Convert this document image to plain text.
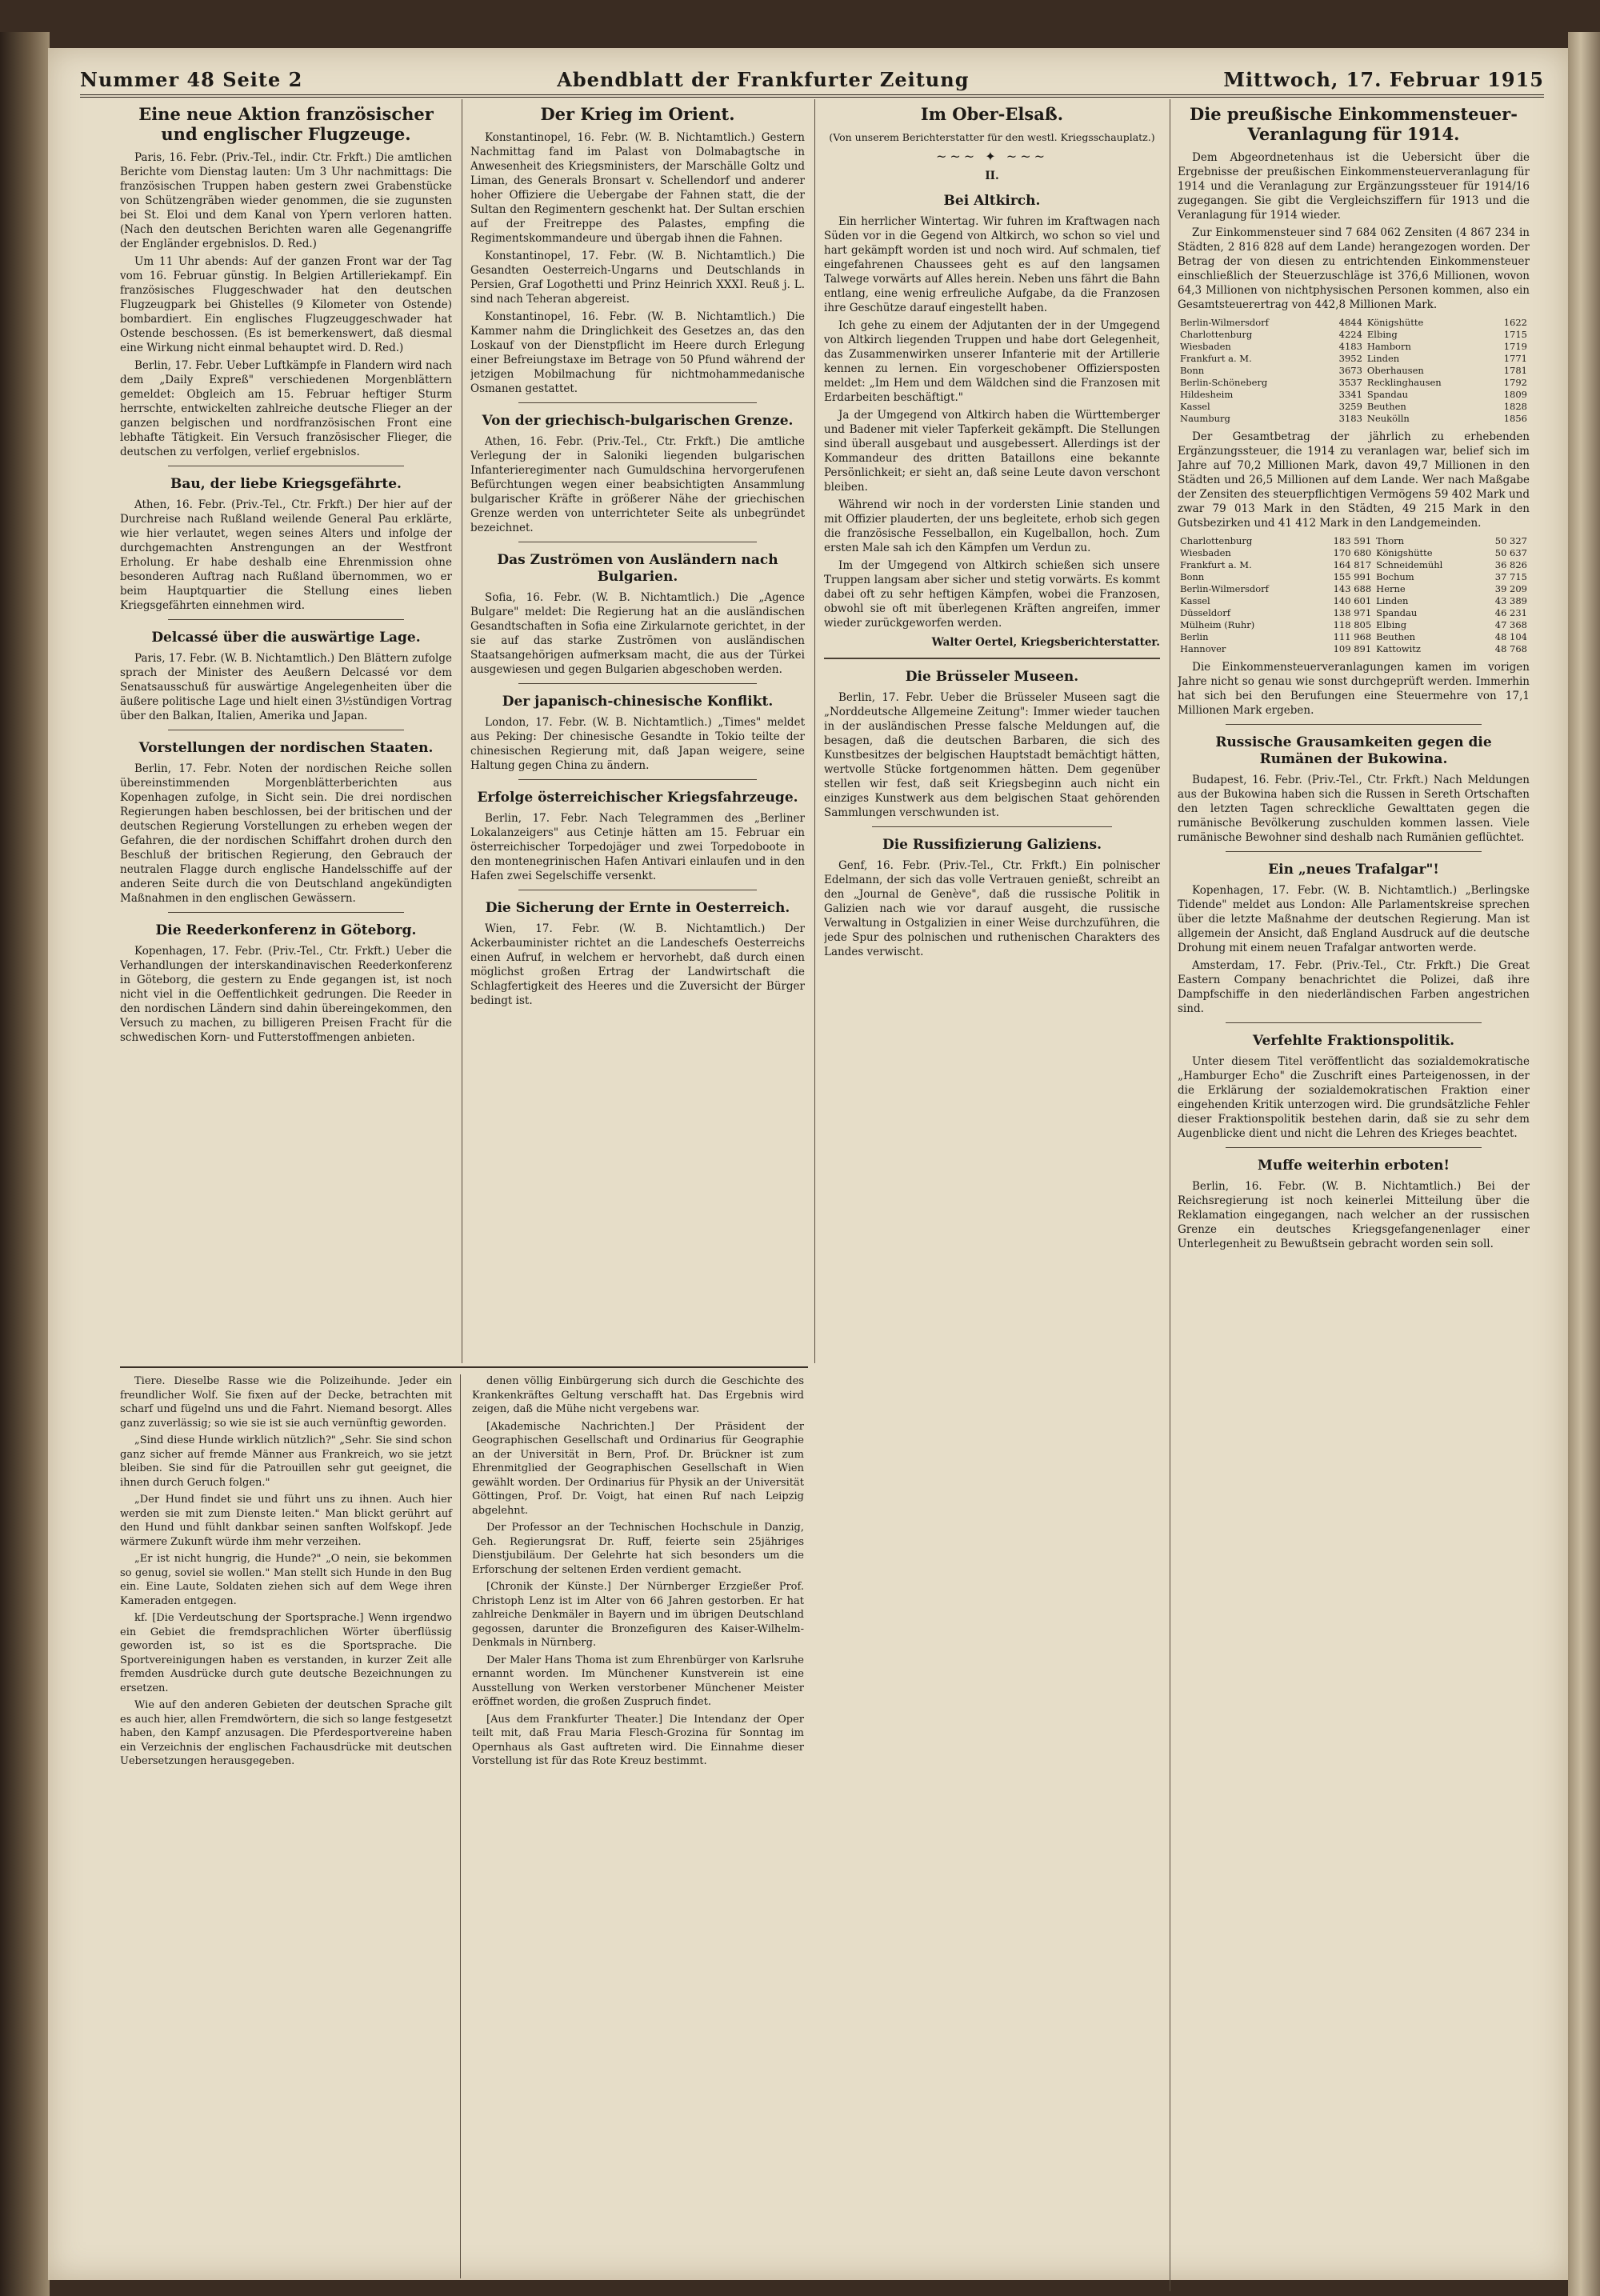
Nummer 48 Seite 2	Abendblatt der Frankfurter Zeitung	Mittwoch, 17. Februar 1915
Eine neue Aktion französischer und englischer Flugzeuge.

Paris, 16. Febr. (Priv.-Tel., indir. Ctr. Frkft.) Die amtlichen Berichte vom Dienstag lauten: Um 3 Uhr nachmittags: Die französischen Truppen haben gestern zwei Grabenstücke von Schützengräben wieder genommen, die sie zugunsten bei St. Eloi und dem Kanal von Ypern verloren hatten. (Nach den deutschen Berichten waren alle Gegenangriffe der Engländer ergebnislos. D. Red.)

Um 11 Uhr abends: Auf der ganzen Front war der Tag vom 16. Februar günstig. In Belgien Artilleriekampf. Ein französisches Fluggeschwader hat den deutschen Flugzeugpark bei Ghistelles (9 Kilometer von Ostende) bombardiert. Ein englisches Flugzeuggeschwader hat Ostende beschossen. (Es ist bemerkenswert, daß diesmal eine Wirkung nicht einmal behauptet wird. D. Red.)

Berlin, 17. Febr. Ueber Luftkämpfe in Flandern wird nach dem „Daily Expreß" verschiedenen Morgenblättern gemeldet: Obgleich am 15. Februar heftiger Sturm herrschte, entwickelten zahlreiche deutsche Flieger an der ganzen belgischen und nordfranzösischen Front eine lebhafte Tätigkeit. Ein Versuch französischer Flieger, die deutschen zu verfolgen, verlief ergebnislos.

Bau, der liebe Kriegsgefährte.

Athen, 16. Febr. (Priv.-Tel., Ctr. Frkft.) Der hier auf der Durchreise nach Rußland weilende General Pau erklärte, wie hier verlautet, wegen seines Alters und infolge der durchgemachten Anstrengungen an der Westfront Erholung. Er habe deshalb eine Ehrenmission ohne besonderen Auftrag nach Rußland übernommen, wo er beim Hauptquartier die Stellung eines lieben Kriegsgefährten einnehmen wird.

Delcassé über die auswärtige Lage.

Paris, 17. Febr. (W. B. Nichtamtlich.) Den Blättern zufolge sprach der Minister des Aeußern Delcassé vor dem Senatsausschuß für auswärtige Angelegenheiten über die äußere politische Lage und hielt einen 3½stündigen Vortrag über den Balkan, Italien, Amerika und Japan.

Vorstellungen der nordischen Staaten.

Berlin, 17. Febr. Noten der nordischen Reiche sollen übereinstimmenden Morgenblätterberichten aus Kopenhagen zufolge, in Sicht sein. Die drei nordischen Regierungen haben beschlossen, bei der britischen und der deutschen Regierung Vorstellungen zu erheben wegen der Gefahren, die der nordischen Schiffahrt drohen durch den Beschluß der britischen Regierung, den Gebrauch der neutralen Flagge durch englische Handelsschiffe auf der anderen Seite durch die von Deutschland angekündigten Maßnahmen in den englischen Gewässern.

Die Reederkonferenz in Göteborg.

Kopenhagen, 17. Febr. (Priv.-Tel., Ctr. Frkft.) Ueber die Verhandlungen der interskandinavischen Reederkonferenz in Göteborg, die gestern zu Ende gegangen ist, ist noch nicht viel in die Oeffentlichkeit gedrungen. Die Reeder in den nordischen Ländern sind dahin übereingekommen, den Versuch zu machen, zu billigeren Preisen Fracht für die schwedischen Korn- und Futterstoffmengen anbieten.

Der Krieg im Orient.

Konstantinopel, 16. Febr. (W. B. Nichtamtlich.) Gestern Nachmittag fand im Palast von Dolmabagtsche in Anwesenheit des Kriegsministers, der Marschälle Goltz und Liman, des Generals Bronsart v. Schellendorf und anderer hoher Offiziere die Uebergabe der Fahnen statt, die der Sultan den Regimentern geschenkt hat. Der Sultan erschien auf der Freitreppe des Palastes, empfing die Regimentskommandeure und übergab ihnen die Fahnen.

Konstantinopel, 17. Febr. (W. B. Nichtamtlich.) Die Gesandten Oesterreich-Ungarns und Deutschlands in Persien, Graf Logothetti und Prinz Heinrich XXXI. Reuß j. L. sind nach Teheran abgereist.

Konstantinopel, 16. Febr. (W. B. Nichtamtlich.) Die Kammer nahm die Dringlichkeit des Gesetzes an, das den Loskauf von der Dienstpflicht im Heere durch Erlegung einer Befreiungstaxe im Betrage von 50 Pfund während der jetzigen Mobilmachung für nichtmohammedanische Osmanen gestattet.

Von der griechisch-bulgarischen Grenze.

Athen, 16. Febr. (Priv.-Tel., Ctr. Frkft.) Die amtliche Verlegung der in Saloniki liegenden bulgarischen Infanterieregimenter nach Gumuldschina hervorgerufenen Befürchtungen wegen einer beabsichtigten Ansammlung bulgarischer Kräfte in größerer Nähe der griechischen Grenze werden von unterrichteter Seite als unbegründet bezeichnet.

Das Zuströmen von Ausländern nach Bulgarien.

Sofia, 16. Febr. (W. B. Nichtamtlich.) Die „Agence Bulgare" meldet: Die Regierung hat an die ausländischen Gesandtschaften in Sofia eine Zirkularnote gerichtet, in der sie auf das starke Zuströmen von ausländischen Staatsangehörigen aufmerksam macht, die aus der Türkei ausgewiesen und gegen Bulgarien abgeschoben werden.

Der japanisch-chinesische Konflikt.

London, 17. Febr. (W. B. Nichtamtlich.) „Times" meldet aus Peking: Der chinesische Gesandte in Tokio teilte der chinesischen Regierung mit, daß Japan weigere, seine Haltung gegen China zu ändern.

Erfolge österreichischer Kriegsfahrzeuge.

Berlin, 17. Febr. Nach Telegrammen des „Berliner Lokalanzeigers" aus Cetinje hätten am 15. Februar ein österreichischer Torpedojäger und zwei Torpedoboote in den montenegrinischen Hafen Antivari einlaufen und in den Hafen zwei Segelschiffe versenkt.

Die Sicherung der Ernte in Oesterreich.

Wien, 17. Febr. (W. B. Nichtamtlich.) Der Ackerbauminister richtet an die Landeschefs Oesterreichs einen Aufruf, in welchem er hervorhebt, daß durch einen möglichst großen Ertrag der Landwirtschaft die Schlagfertigkeit des Heeres und die Zuversicht der Bürger bedingt ist.

Tiere. Dieselbe Rasse wie die Polizeihunde. Jeder ein freundlicher Wolf. Sie fixen auf der Decke, betrachten mit scharf und fügelnd uns und die Fahrt. Niemand besorgt. Alles ganz zuverlässig; so wie sie ist sie auch vernünftig geworden.

„Sind diese Hunde wirklich nützlich?" „Sehr. Sie sind schon ganz sicher auf fremde Männer aus Frankreich, wo sie jetzt bleiben. Sie sind für die Patrouillen sehr gut geeignet, die ihnen durch Geruch folgen."

„Der Hund findet sie und führt uns zu ihnen. Auch hier werden sie mit zum Dienste leiten." Man blickt gerührt auf den Hund und fühlt dankbar seinen sanften Wolfskopf. Jede wärmere Zukunft würde ihm mehr verzeihen.

„Er ist nicht hungrig, die Hunde?" „O nein, sie bekommen so genug, soviel sie wollen." Man stellt sich Hunde in den Bug ein. Eine Laute, Soldaten ziehen sich auf dem Wege ihren Kameraden entgegen.

kf. [Die Verdeutschung der Sportsprache.] Wenn irgendwo ein Gebiet die fremdsprachlichen Wörter überflüssig geworden ist, so ist es die Sportsprache. Die Sportvereinigungen haben es verstanden, in kurzer Zeit alle fremden Ausdrücke durch gute deutsche Bezeichnungen zu ersetzen.

Wie auf den anderen Gebieten der deutschen Sprache gilt es auch hier, allen Fremdwörtern, die sich so lange festgesetzt haben, den Kampf anzusagen. Die Pferdesportvereine haben ein Verzeichnis der englischen Fachausdrücke mit deutschen Uebersetzungen herausgegeben.

denen völlig Einbürgerung sich durch die Geschichte des Krankenkräftes Geltung verschafft hat. Das Ergebnis wird zeigen, daß die Mühe nicht vergebens war.

[Akademische Nachrichten.] Der Präsident der Geographischen Gesellschaft und Ordinarius für Geographie an der Universität in Bern, Prof. Dr. Brückner ist zum Ehrenmitglied der Geographischen Gesellschaft in Wien gewählt worden. Der Ordinarius für Physik an der Universität Göttingen, Prof. Dr. Voigt, hat einen Ruf nach Leipzig abgelehnt.

Der Professor an der Technischen Hochschule in Danzig, Geh. Regierungsrat Dr. Ruff, feierte sein 25jähriges Dienstjubiläum. Der Gelehrte hat sich besonders um die Erforschung der seltenen Erden verdient gemacht.

[Chronik der Künste.] Der Nürnberger Erzgießer Prof. Christoph Lenz ist im Alter von 66 Jahren gestorben. Er hat zahlreiche Denkmäler in Bayern und im übrigen Deutschland gegossen, darunter die Bronzefiguren des Kaiser-Wilhelm-Denkmals in Nürnberg.

Der Maler Hans Thoma ist zum Ehrenbürger von Karlsruhe ernannt worden. Im Münchener Kunstverein ist eine Ausstellung von Werken verstorbener Münchener Meister eröffnet worden, die großen Zuspruch findet.

[Aus dem Frankfurter Theater.] Die Intendanz der Oper teilt mit, daß Frau Maria Flesch-Grozina für Sonntag im Opernhaus als Gast auftreten wird. Die Einnahme dieser Vorstellung ist für das Rote Kreuz bestimmt.

Im Ober-Elsaß.
(Von unserem Berichterstatter für den westl. Kriegsschauplatz.)
~~~ ✦ ~~~
II.
Bei Altkirch.

Ein herrlicher Wintertag. Wir fuhren im Kraftwagen nach Süden vor in die Gegend von Altkirch, wo schon so viel und hart gekämpft worden ist und noch wird. Auf schmalen, tief eingefahrenen Chaussees geht es auf den langsamen Talwege vorwärts auf Alles herein. Neben uns fährt die Bahn entlang, eine wenig erfreuliche Aufgabe, da die Franzosen ihre Geschütze darauf eingestellt haben.

Ich gehe zu einem der Adjutanten der in der Umgegend von Altkirch liegenden Truppen und habe dort Gelegenheit, das Zusammenwirken unserer Infanterie mit der Artillerie kennen zu lernen. Ein vorgeschobener Offiziersposten meldet: „Im Hem und dem Wäldchen sind die Franzosen mit Erdarbeiten beschäftigt."

Ja der Umgegend von Altkirch haben die Württemberger und Badener mit vieler Tapferkeit gekämpft. Die Stellungen sind überall ausgebaut und ausgebessert. Allerdings ist der Kommandeur des dritten Bataillons eine bekannte Persönlichkeit; er sieht an, daß seine Leute davon verschont bleiben.

Während wir noch in der vordersten Linie standen und mit Offizier plauderten, der uns begleitete, erhob sich gegen die französische Fesselballon, ein Kugelballon, hoch. Zum ersten Male sah ich den Kämpfen um Verdun zu.

Im der Umgegend von Altkirch schießen sich unsere Truppen langsam aber sicher und stetig vorwärts. Es kommt dabei oft zu sehr heftigen Kämpfen, wobei die Franzosen, obwohl sie oft mit überlegenen Kräften angreifen, immer wieder zurückgeworfen werden.

Walter Oertel, Kriegsberichterstatter.
Die Brüsseler Museen.

Berlin, 17. Febr. Ueber die Brüsseler Museen sagt die „Norddeutsche Allgemeine Zeitung": Immer wieder tauchen in der ausländischen Presse falsche Meldungen auf, die besagen, daß die deutschen Barbaren, die sich des Kunstbesitzes der belgischen Hauptstadt bemächtigt hätten, wertvolle Stücke fortgenommen hätten. Dem gegenüber stellen wir fest, daß seit Kriegsbeginn auch nicht ein einziges Kunstwerk aus dem belgischen Staat gehörenden Sammlungen verschwunden ist.

Die Russifizierung Galiziens.

Genf, 16. Febr. (Priv.-Tel., Ctr. Frkft.) Ein polnischer Edelmann, der sich das volle Vertrauen genießt, schreibt an den „Journal de Genève", daß die russische Politik in Galizien nach wie vor darauf ausgeht, die russische Verwaltung in Ostgalizien in einer Weise durchzuführen, die jede Spur des polnischen und ruthenischen Charakters des Landes verwischt.

Die preußische Einkommensteuer-Veranlagung für 1914.

Dem Abgeordnetenhaus ist die Uebersicht über die Ergebnisse der preußischen Einkommensteuerveranlagung für 1914 und die Veranlagung zur Ergänzungssteuer für 1914/16 zugegangen. Sie gibt die Vergleichsziffern für 1913 und die Veranlagung für 1914 wieder.

Zur Einkommensteuer sind 7 684 062 Zensiten (4 867 234 in Städten, 2 816 828 auf dem Lande) herangezogen worden. Der Betrag der von diesen zu entrichtenden Einkommensteuer einschließlich der Steuerzuschläge ist 376,6 Millionen, wovon 64,3 Millionen von nichtphysischen Personen kommen, also ein Gesamtsteuerertrag von 442,8 Millionen Mark.

Berlin-Wilmersdorf	4844	Königshütte	1622
Charlottenburg	4224	Elbing	1715
Wiesbaden	4183	Hamborn	1719
Frankfurt a. M.	3952	Linden	1771
Bonn	3673	Oberhausen	1781
Berlin-Schöneberg	3537	Recklinghausen	1792
Hildesheim	3341	Spandau	1809
Kassel	3259	Beuthen	1828
Naumburg	3183	Neukölln	1856

Der Gesamtbetrag der jährlich zu erhebenden Ergänzungssteuer, die 1914 zu veranlagen war, belief sich im Jahre auf 70,2 Millionen Mark, davon 49,7 Millionen in den Städten und 26,5 Millionen auf dem Lande. Wer nach Maßgabe der Zensiten des steuerpflichtigen Vermögens 59 402 Mark und zwar 79 013 Mark in den Städten, 49 215 Mark in den Gutsbezirken und 41 412 Mark in den Landgemeinden.

Charlottenburg	183 591	Thorn	50 327
Wiesbaden	170 680	Königshütte	50 637
Frankfurt a. M.	164 817	Schneidemühl	36 826
Bonn	155 991	Bochum	37 715
Berlin-Wilmersdorf	143 688	Herne	39 209
Kassel	140 601	Linden	43 389
Düsseldorf	138 971	Spandau	46 231
Mülheim (Ruhr)	118 805	Elbing	47 368
Berlin	111 968	Beuthen	48 104
Hannover	109 891	Kattowitz	48 768

Die Einkommensteuerveranlagungen kamen im vorigen Jahre nicht so genau wie sonst durchgeprüft werden. Immerhin hat sich bei den Berufungen eine Steuermehre von 17,1 Millionen Mark ergeben.

Russische Grausamkeiten gegen die Rumänen der Bukowina.

Budapest, 16. Febr. (Priv.-Tel., Ctr. Frkft.) Nach Meldungen aus der Bukowina haben sich die Russen in Sereth Ortschaften den letzten Tagen schreckliche Gewalttaten gegen die rumänische Bevölkerung zuschulden kommen lassen. Viele rumänische Bewohner sind deshalb nach Rumänien geflüchtet.

Ein „neues Trafalgar"!

Kopenhagen, 17. Febr. (W. B. Nichtamtlich.) „Berlingske Tidende" meldet aus London: Alle Parlamentskreise sprechen über die letzte Maßnahme der deutschen Regierung. Man ist allgemein der Ansicht, daß England Ausdruck auf die deutsche Drohung mit einem neuen Trafalgar antworten werde.

Amsterdam, 17. Febr. (Priv.-Tel., Ctr. Frkft.) Die Great Eastern Company benachrichtet die Polizei, daß ihre Dampfschiffe in den niederländischen Farben angestrichen sind.

Verfehlte Fraktionspolitik.

Unter diesem Titel veröffentlicht das sozialdemokratische „Hamburger Echo" die Zuschrift eines Parteigenossen, in der die Erklärung der sozialdemokratischen Fraktion einer eingehenden Kritik unterzogen wird. Die grundsätzliche Fehler dieser Fraktionspolitik bestehen darin, daß sie zu sehr dem Augenblicke dient und nicht die Lehren des Krieges beachtet.

Muffe weiterhin erboten!

Berlin, 16. Febr. (W. B. Nichtamtlich.) Bei der Reichsregierung ist noch keinerlei Mitteilung über die Reklamation eingegangen, nach welcher an der russischen Grenze ein deutsches Kriegsgefangenenlager einer Unterlegenheit zu Bewußtsein gebracht worden sein soll.
